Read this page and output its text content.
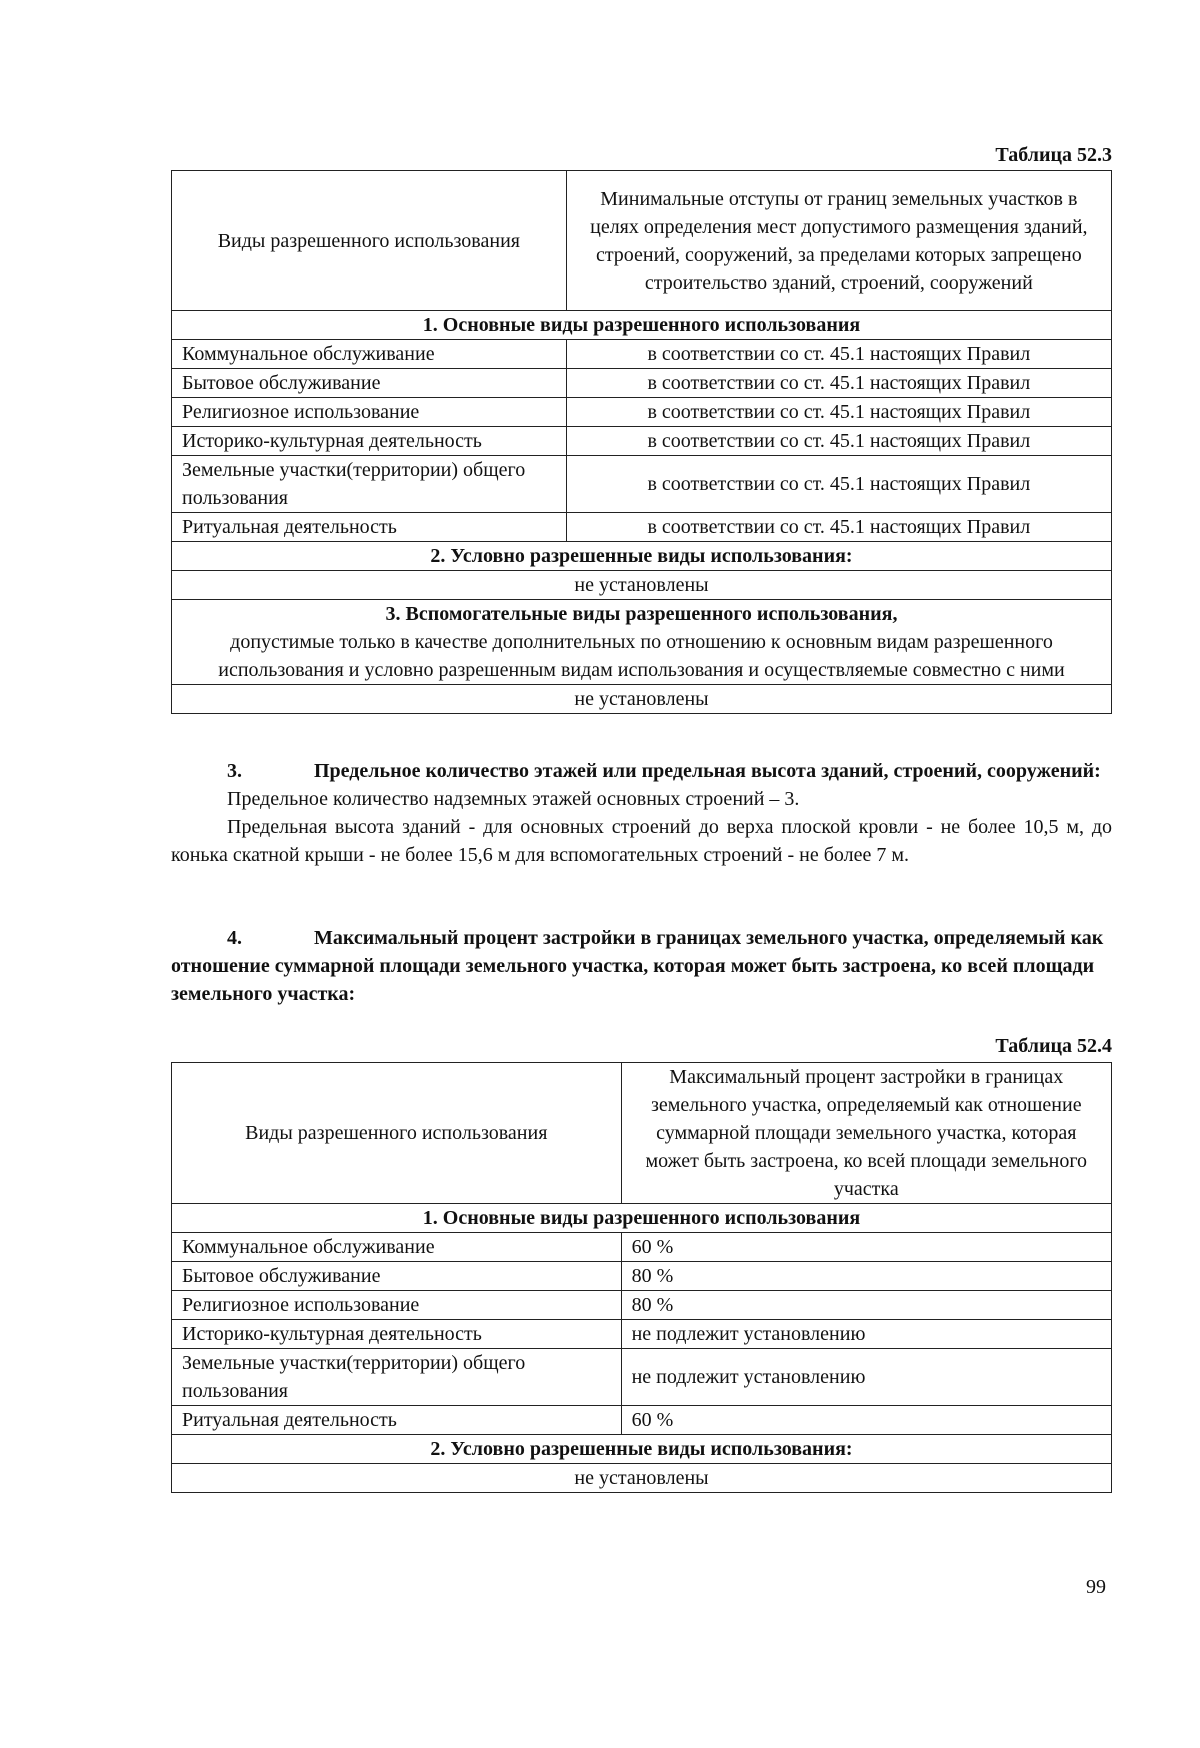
Таблица 52.3
Виды разрешенного использования	Минимальные отступы от границ земельных участков в целях определения мест допустимого размещения зданий, строений, сооружений, за пределами которых запрещено строительство зданий, строений, сооружений
1. Основные виды разрешенного использования	
Коммунальное обслуживание	в соответствии со ст. 45.1 настоящих Правил
Бытовое обслуживание	в соответствии со ст. 45.1 настоящих Правил
Религиозное использование	в соответствии со ст. 45.1 настоящих Правил
Историко-культурная деятельность	в соответствии со ст. 45.1 настоящих Правил
Земельные участки(территории) общего пользования	в соответствии со ст. 45.1 настоящих Правил
Ритуальная деятельность	в соответствии со ст. 45.1 настоящих Правил
2. Условно разрешенные виды использования:	
не установлены	

3. Вспомогательные виды разрешенного использования,
допустимые только в качестве дополнительных по отношению к основным видам разрешенного использования и условно разрешенным видам использования и осуществляемые совместно с ними	

не установлены	
3.	Предельное количество этажей или предельная высота зданий, строений, сооружений:
Предельное количество надземных этажей основных строений – 3.
Предельная высота зданий - для основных строений до верха плоской кровли - не более 10,5 м, до конька скатной крыши - не более 15,6 м для вспомогательных строений - не более 7 м.
4.	Максимальный процент застройки в границах земельного участка, определяемый как отношение суммарной площади земельного участка, которая может быть застроена, ко всей площади земельного участка:
Таблица 52.4
Виды разрешенного использования	Максимальный процент застройки в границах земельного участка, определяемый как отношение суммарной площади земельного участка, которая может быть застроена, ко всей площади земельного участка
1. Основные виды разрешенного использования	
Коммунальное обслуживание	60 %
Бытовое обслуживание	80 %
Религиозное использование	80 %
Историко-культурная деятельность	не подлежит установлению
Земельные участки(территории) общего пользования	не подлежит установлению
Ритуальная деятельность	60 %
2. Условно разрешенные виды использования:	
не установлены	
99
